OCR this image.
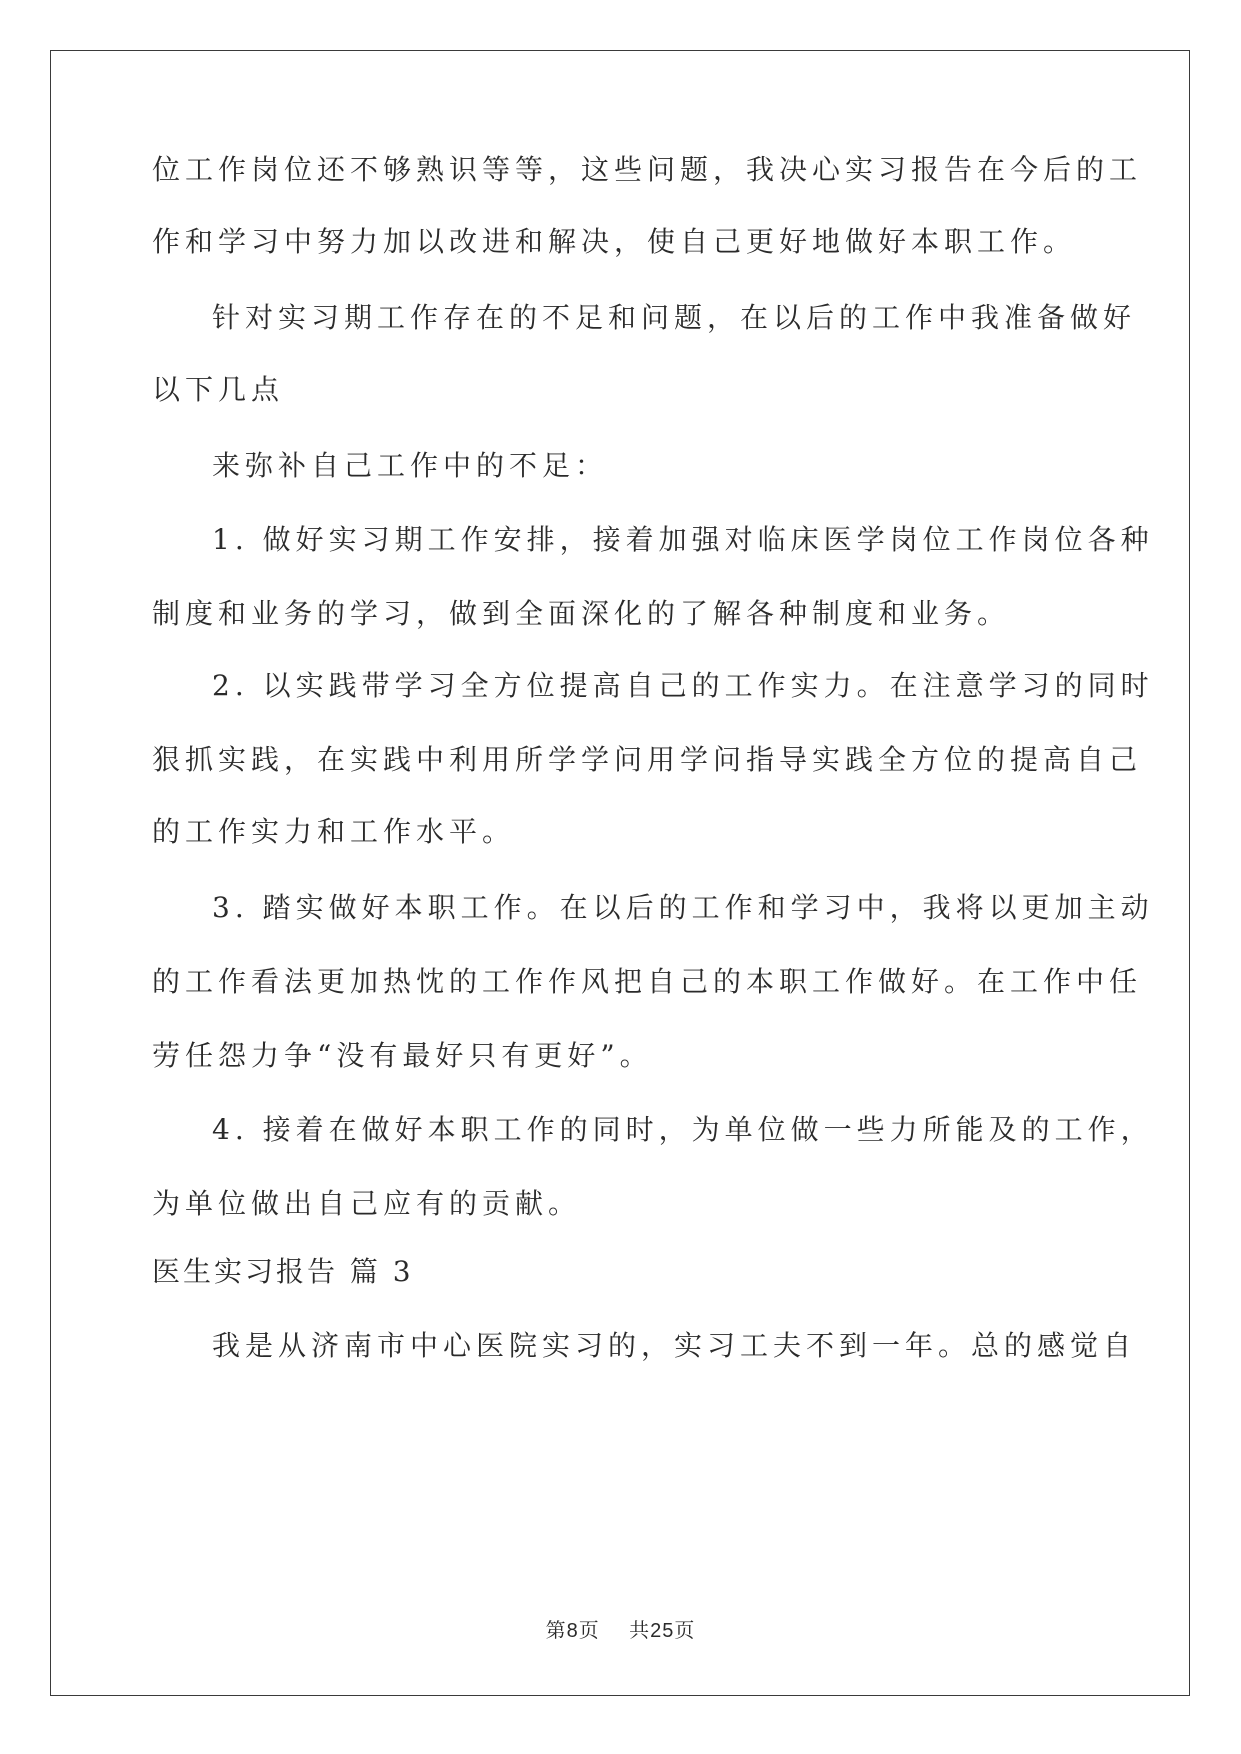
位工作岗位还不够熟识等等，这些问题，我决心实习报告在今后的工

作和学习中努力加以改进和解决，使自己更好地做好本职工作。

针对实习期工作存在的不足和问题，在以后的工作中我准备做好

以下几点

来弥补自己工作中的不足：

1. 做好实习期工作安排，接着加强对临床医学岗位工作岗位各种

制度和业务的学习，做到全面深化的了解各种制度和业务。

2. 以实践带学习全方位提高自己的工作实力。在注意学习的同时

狠抓实践，在实践中利用所学学问用学问指导实践全方位的提高自己

的工作实力和工作水平。

3. 踏实做好本职工作。在以后的工作和学习中，我将以更加主动

的工作看法更加热忱的工作作风把自己的本职工作做好。在工作中任

劳任怨力争“没有最好只有更好”。

4. 接着在做好本职工作的同时，为单位做一些力所能及的工作，

为单位做出自己应有的贡献。

医生实习报告 篇 3

我是从济南市中心医院实习的，实习工夫不到一年。总的感觉自

第8页 共25页
